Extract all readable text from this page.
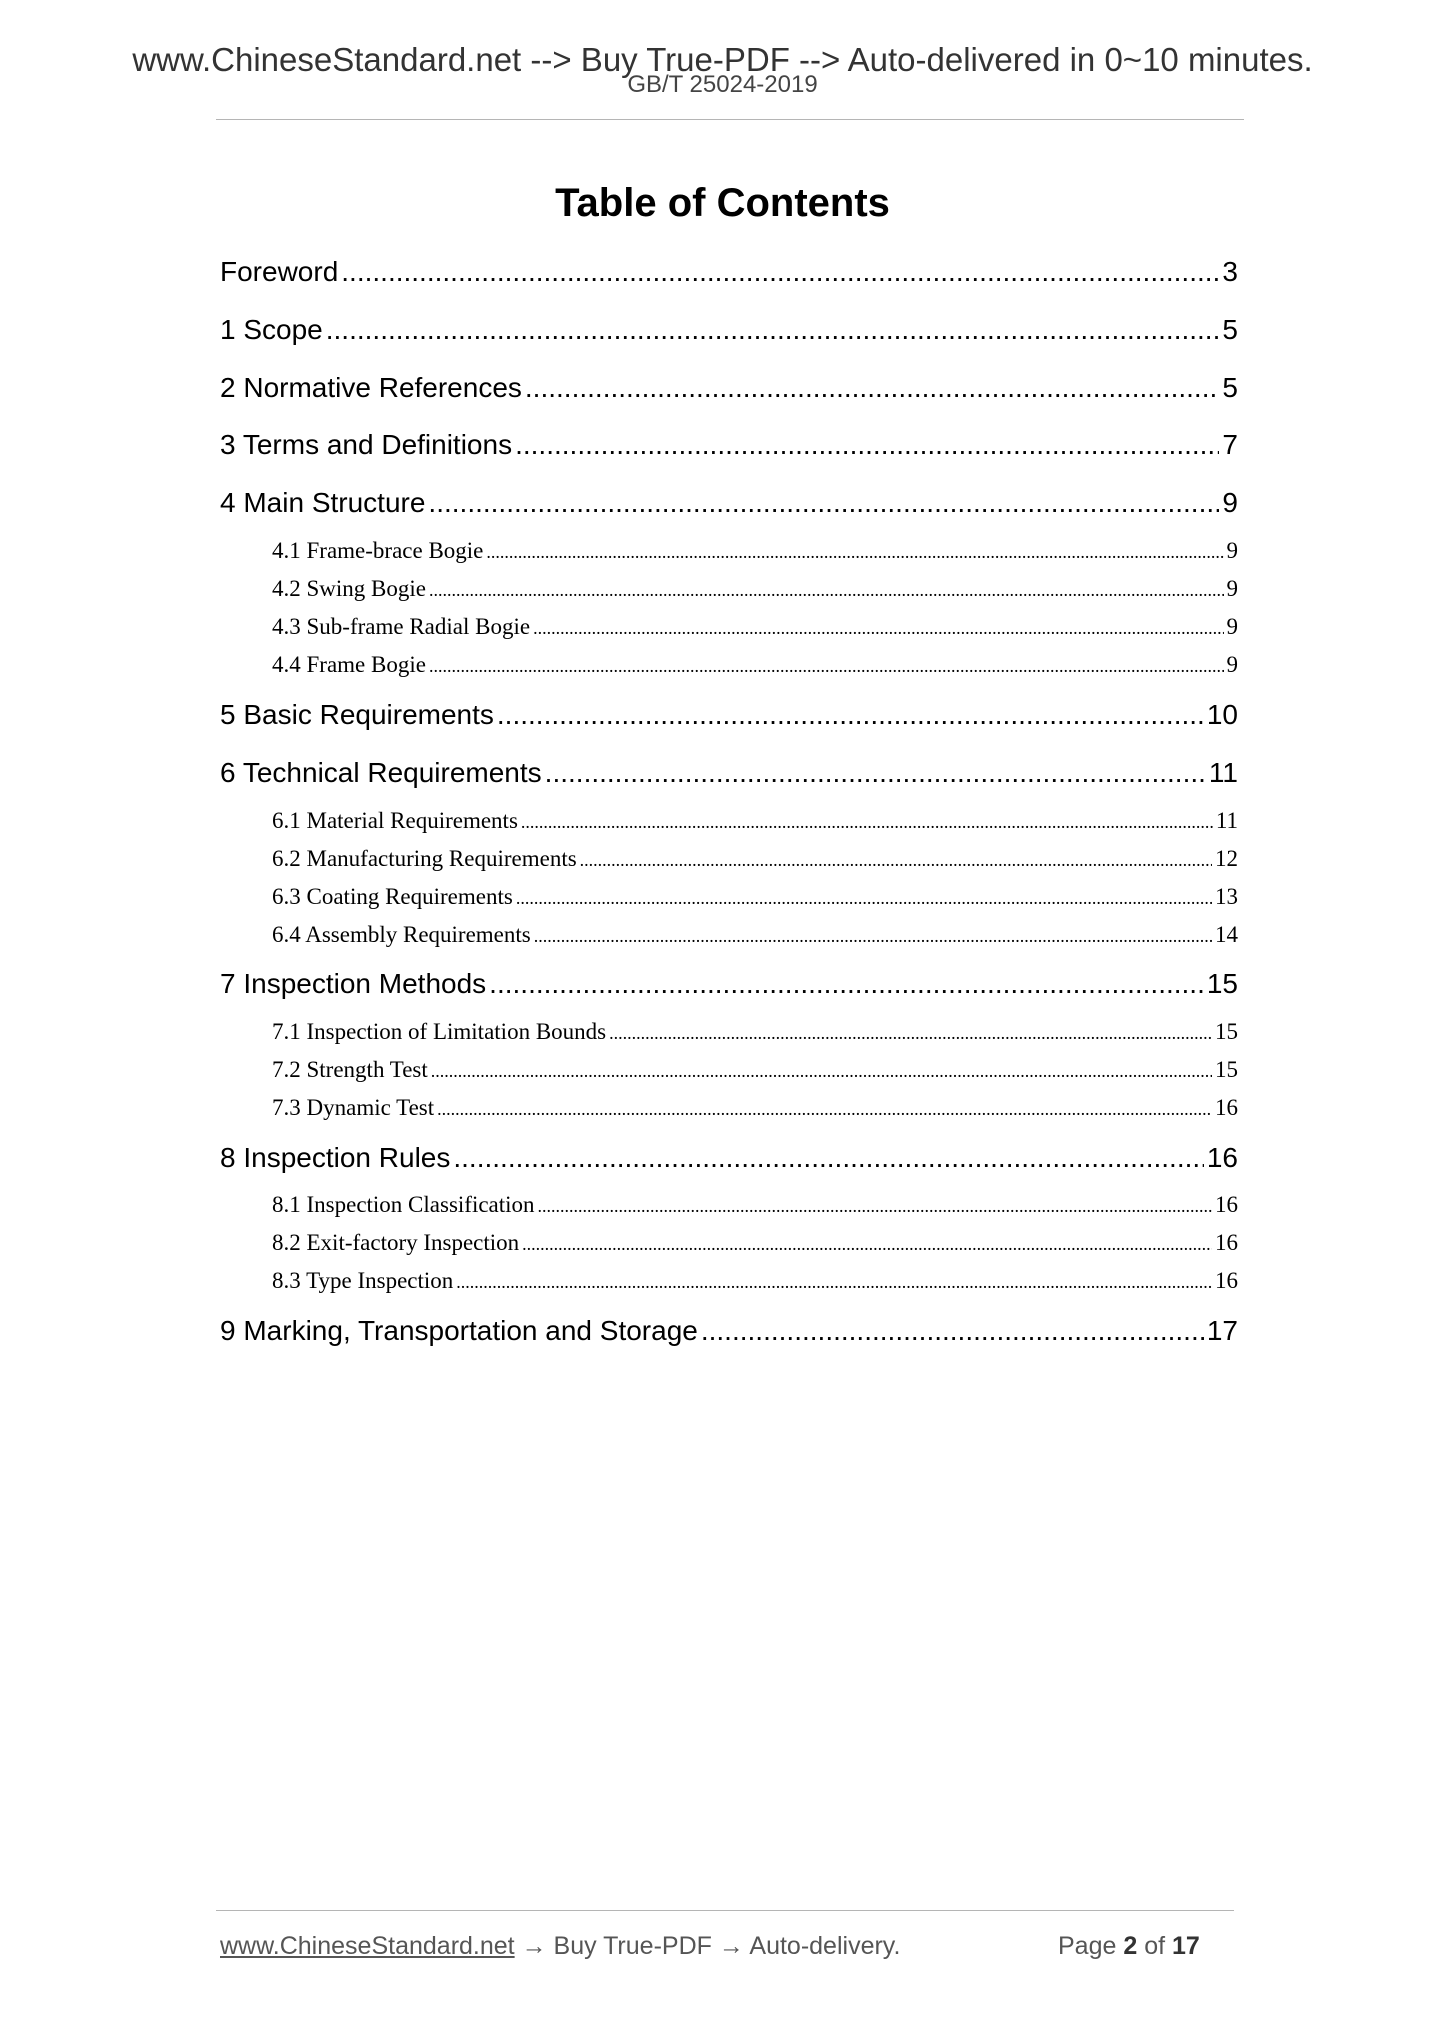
www.ChineseStandard.net --> Buy True-PDF --> Auto-delivered in 0~10 minutes.
GB/T 25024-2019
Table of Contents
Foreword .....	3
1 Scope .....	5
2 Normative References .....	5
3 Terms and Definitions .....	7
4 Main Structure .....	9
4.1 Frame-brace Bogie .....	9
4.2 Swing Bogie .....	9
4.3 Sub-frame Radial Bogie .....	9
4.4 Frame Bogie .....	9
5 Basic Requirements .....	10
6 Technical Requirements .....	11
6.1 Material Requirements .....	11
6.2 Manufacturing Requirements .....	12
6.3 Coating Requirements .....	13
6.4 Assembly Requirements .....	14
7 Inspection Methods .....	15
7.1 Inspection of Limitation Bounds .....	15
7.2 Strength Test .....	15
7.3 Dynamic Test .....	16
8 Inspection Rules .....	16
8.1 Inspection Classification .....	16
8.2 Exit-factory Inspection .....	16
8.3 Type Inspection .....	16
9 Marking, Transportation and Storage .....	17
www.ChineseStandard.net → Buy True-PDF → Auto-delivery.	Page 2 of 17
